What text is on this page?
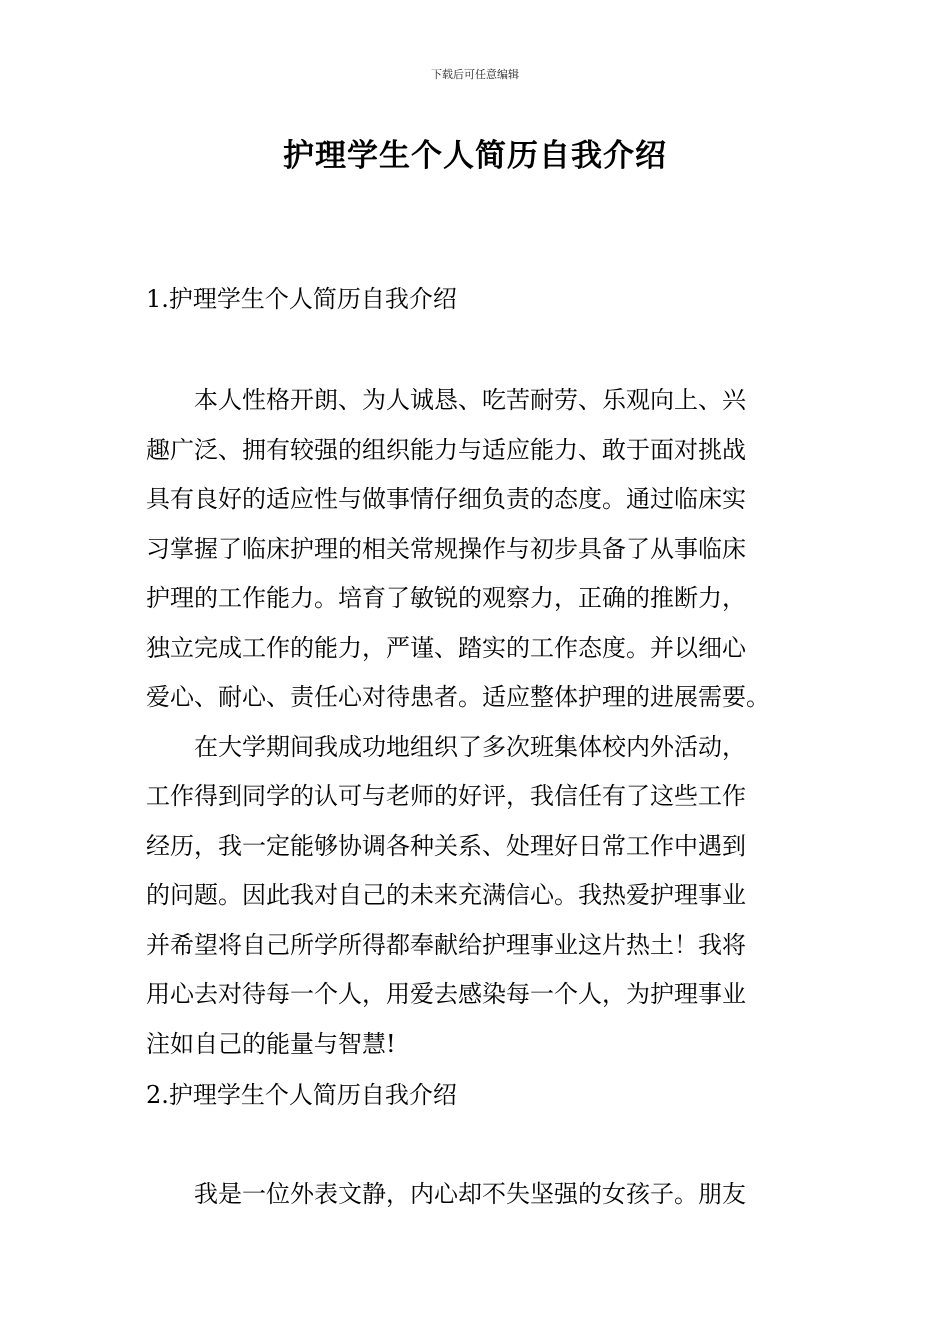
下载后可任意编辑
护理学生个人简历自我介绍
1.护理学生个人简历自我介绍

本人性格开朗、为人诚恳、吃苦耐劳、乐观向上、兴

趣广泛、拥有较强的组织能力与适应能力、敢于面对挑战
具有良好的适应性与做事情仔细负责的态度。通过临床实
习掌握了临床护理的相关常规操作与初步具备了从事临床
护理的工作能力。培育了敏锐的观察力，正确的推断力，
独立完成工作的能力，严谨、踏实的工作态度。并以细心
爱心、耐心、责任心对待患者。适应整体护理的进展需要。

在大学期间我成功地组织了多次班集体校内外活动，

工作得到同学的认可与老师的好评，我信任有了这些工作
经历，我一定能够协调各种关系、处理好日常工作中遇到
的问题。因此我对自己的未来充满信心。我热爱护理事业
并希望将自己所学所得都奉献给护理事业这片热土！我将
用心去对待每一个人，用爱去感染每一个人，为护理事业
注如自己的能量与智慧!
2.护理学生个人简历自我介绍

我是一位外表文静，内心却不失坚强的女孩子。朋友
